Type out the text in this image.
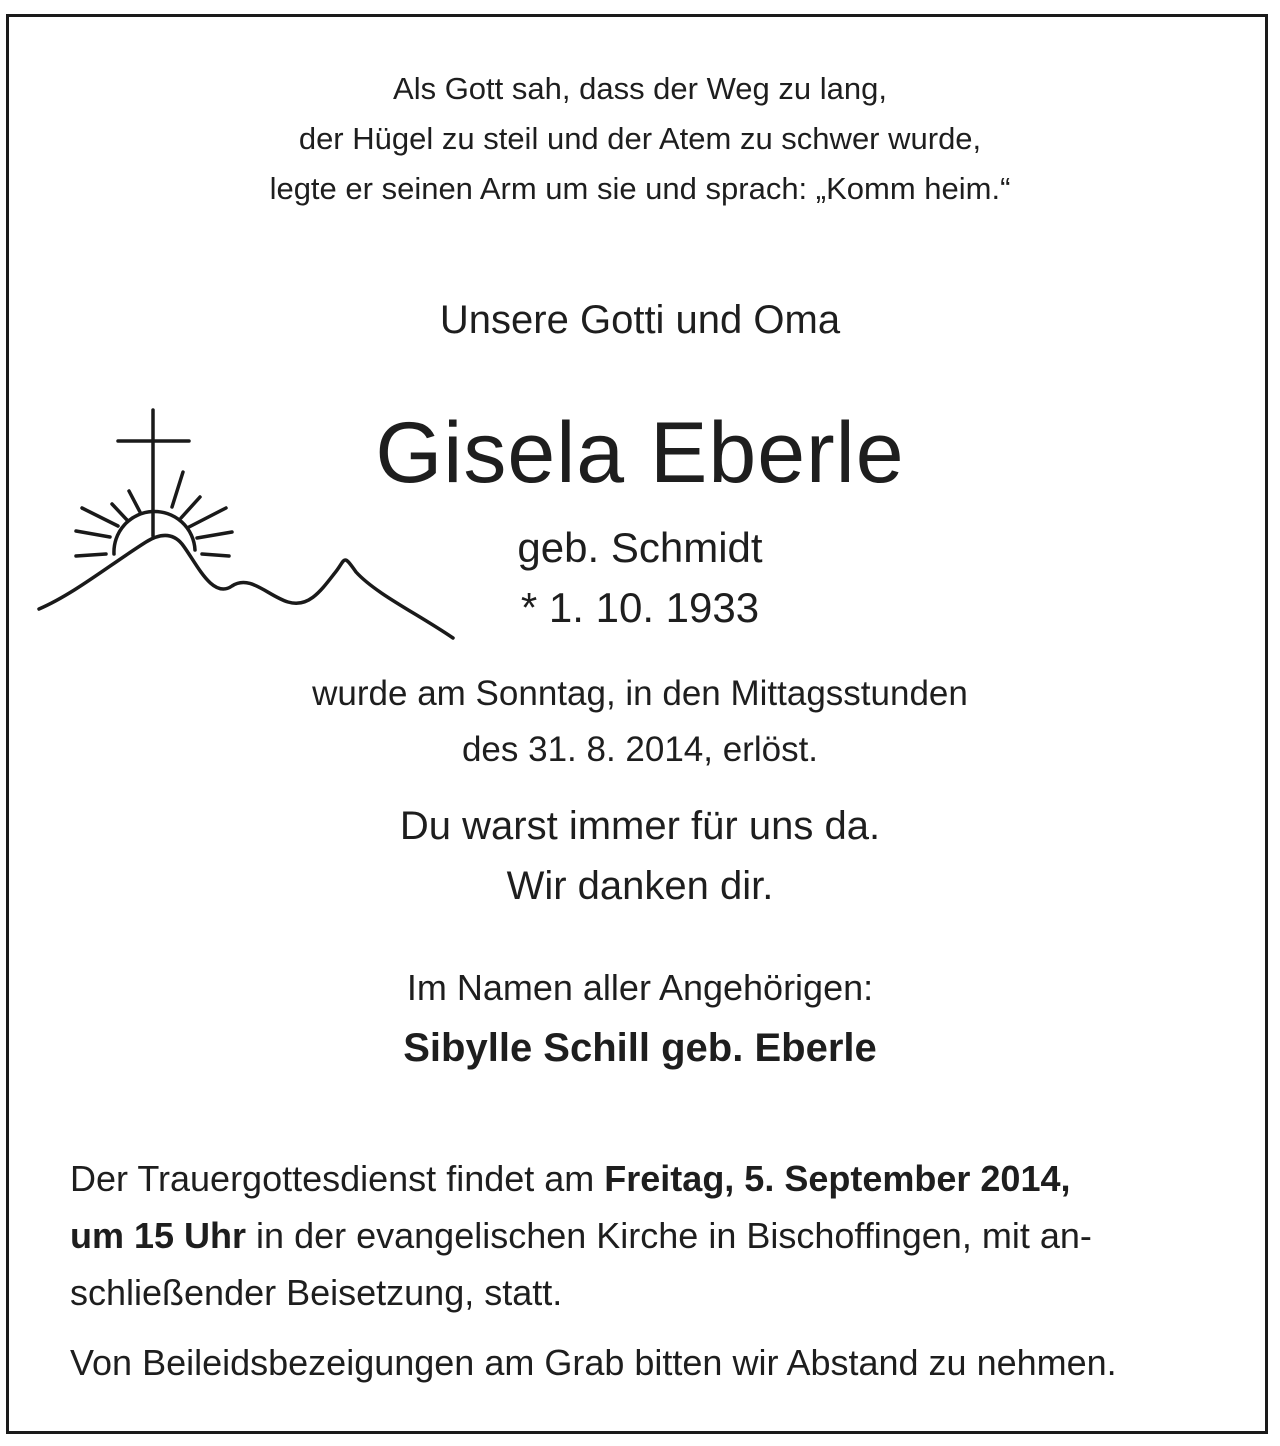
Als Gott sah, dass der Weg zu lang,
der Hügel zu steil und der Atem zu schwer wurde,
legte er seinen Arm um sie und sprach: „Komm heim.“
Unsere Gotti und Oma
Gisela Eberle
geb. Schmidt
* 1. 10. 1933
wurde am Sonntag, in den Mittagsstunden
des 31. 8. 2014, erlöst.
Du warst immer für uns da.
Wir danken dir.
Im Namen aller Angehörigen:
Sibylle Schill geb. Eberle
Der Trauergottesdienst findet am Freitag, 5. September 2014,
um 15 Uhr in der evangelischen Kirche in Bischoffingen, mit an-
schließender Beisetzung, statt.
Von Beileidsbezeigungen am Grab bitten wir Abstand zu nehmen.
